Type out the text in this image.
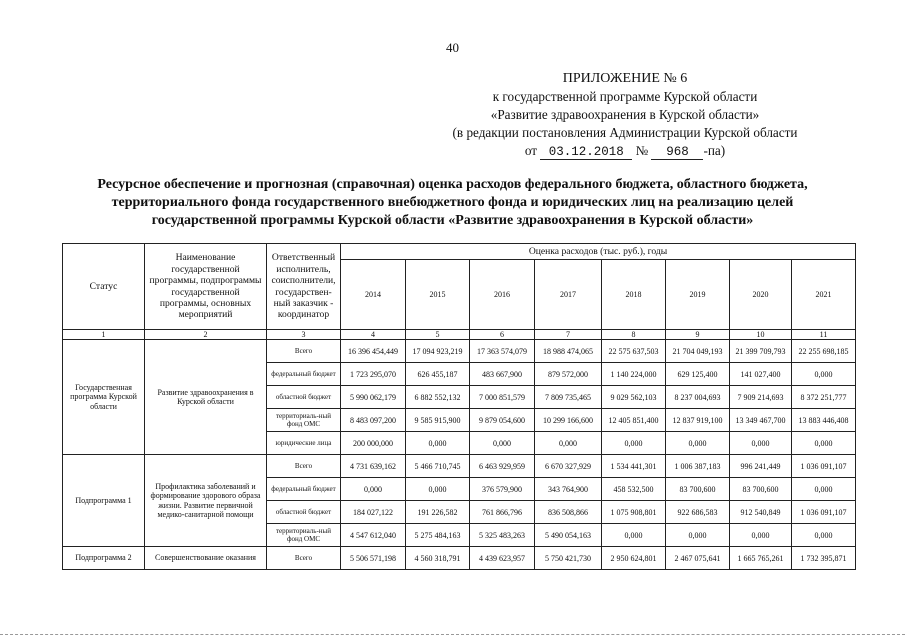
40
ПРИЛОЖЕНИЕ № 6
к государственной программе Курской области
«Развитие здравоохранения в Курской области»
(в редакции постановления Администрации Курской области
от 03.12.2018 № 968 -па)
Ресурсное обеспечение и прогнозная (справочная) оценка расходов федерального бюджета, областного бюджета,
территориального фонда государственного внебюджетного фонда и юридических лиц на реализацию целей
государственной программы Курской области «Развитие здравоохранения в Курской области»
Статус	Наименование государственной программы, подпрограммы государственной программы, основных мероприятий	Ответственный исполнитель, соисполнители, государствен-ный заказчик - координатор	Оценка расходов (тыс. руб.), годы							
			2014	2015	2016	2017	2018	2019	2020	2021
1	2	3	4	5	6	7	8	9	10	11
Государственная программа Курской области	Развитие здравоохранения в Курской области	Всего	16 396 454,449	17 094 923,219	17 363 574,079	18 988 474,065	22 575 637,503	21 704 049,193	21 399 709,793	22 255 698,185
		федеральный бюджет	1 723 295,070	626 455,187	483 667,900	879 572,000	1 140 224,000	629 125,400	141 027,400	0,000
		областной бюджет	5 990 062,179	6 882 552,132	7 000 851,579	7 809 735,465	9 029 562,103	8 237 004,693	7 909 214,693	8 372 251,777
		территориаль-ный фонд ОМС	8 483 097,200	9 585 915,900	9 879 054,600	10 299 166,600	12 405 851,400	12 837 919,100	13 349 467,700	13 883 446,408
		юридические лица	200 000,000	0,000	0,000	0,000	0,000	0,000	0,000	0,000
Подпрограмма 1	Профилактика заболеваний и формирование здорового образа жизни. Развитие первичной медико-санитарной помощи	Всего	4 731 639,162	5 466 710,745	6 463 929,959	6 670 327,929	1 534 441,301	1 006 387,183	996 241,449	1 036 091,107
		федеральный бюджет	0,000	0,000	376 579,900	343 764,900	458 532,500	83 700,600	83 700,600	0,000
		областной бюджет	184 027,122	191 226,582	761 866,796	836 508,866	1 075 908,801	922 686,583	912 540,849	1 036 091,107
		территориаль-ный фонд ОМС	4 547 612,040	5 275 484,163	5 325 483,263	5 490 054,163	0,000	0,000	0,000	0,000
Подпрограмма 2	Совершенствование оказания	Всего	5 506 571,198	4 560 318,791	4 439 623,957	5 750 421,730	2 950 624,801	2 467 075,641	1 665 765,261	1 732 395,871
